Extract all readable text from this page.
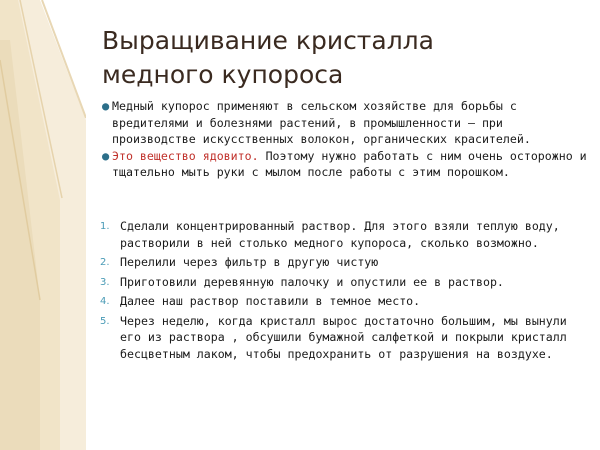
Выращивание кристалла
медного купороса
● Медный купорос применяют в сельском хозяйстве для борьбы с вредителями и болезнями растений, в промышленности – при производстве искусственных волокон, органических красителей.
● Это вещество ядовито. Поэтому нужно работать с ним очень осторожно и тщательно мыть руки с мылом после работы с этим порошком.
1. Сделали концентрированный раствор. Для этого взяли теплую воду, растворили в ней столько медного купороса, сколько возможно.
2. Перелили через фильтр в другую чистую
3. Приготовили деревянную палочку и опустили ее в раствор.
4. Далее наш раствор поставили в темное место.
5. Через неделю, когда кристалл вырос достаточно большим, мы вынули его из раствора , обсушили бумажной салфеткой и покрыли кристалл бесцветным лаком, чтобы предохранить от разрушения на воздухе.
